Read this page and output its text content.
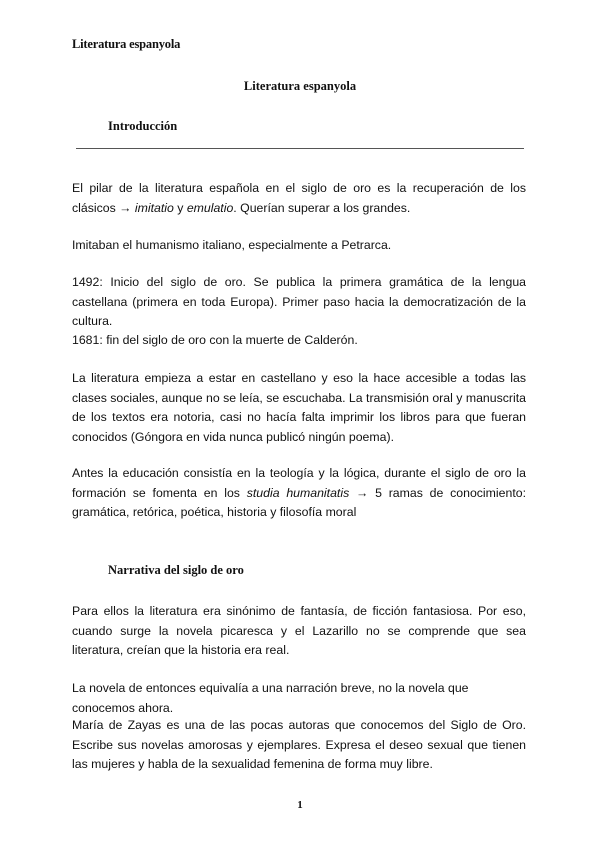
Literatura espanyola
Literatura espanyola
Introducción
El pilar de la literatura española en el siglo de oro es la recuperación de los clásicos → imitatio y emulatio. Querían superar a los grandes.
Imitaban el humanismo italiano, especialmente a Petrarca.
1492: Inicio del siglo de oro. Se publica la primera gramática de la lengua castellana (primera en toda Europa). Primer paso hacia la democratización de la cultura.
1681: fin del siglo de oro con la muerte de Calderón.
La literatura empieza a estar en castellano y eso la hace accesible a todas las clases sociales, aunque no se leía, se escuchaba. La transmisión oral y manuscrita de los textos era notoria, casi no hacía falta imprimir los libros para que fueran conocidos (Góngora en vida nunca publicó ningún poema).
Antes la educación consistía en la teología y la lógica, durante el siglo de oro la formación se fomenta en los studia humanitatis → 5 ramas de conocimiento: gramática, retórica, poética, historia y filosofía moral
Narrativa del siglo de oro
Para ellos la literatura era sinónimo de fantasía, de ficción fantasiosa. Por eso, cuando surge la novela picaresca y el Lazarillo no se comprende que sea literatura, creían que la historia era real.
La novela de entonces equivalía a una narración breve, no la novela que conocemos ahora.
María de Zayas es una de las pocas autoras que conocemos del Siglo de Oro. Escribe sus novelas amorosas y ejemplares. Expresa el deseo sexual que tienen las mujeres y habla de la sexualidad femenina de forma muy libre.
1
